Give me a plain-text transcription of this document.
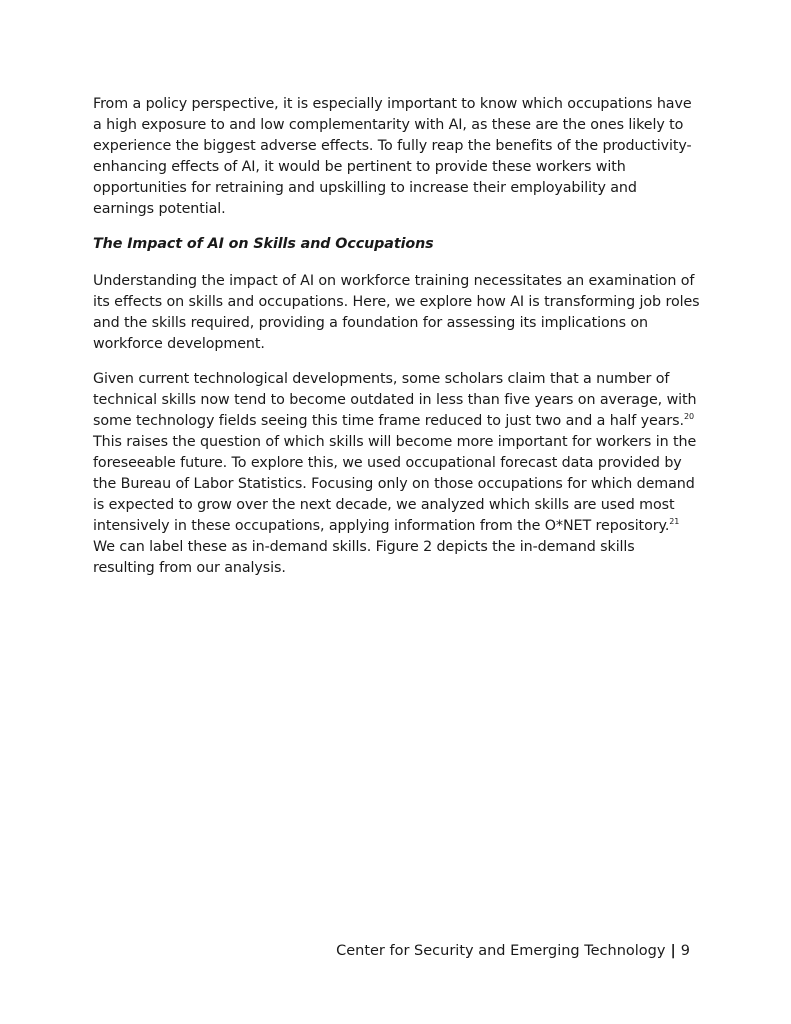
From a policy perspective, it is especially important to know which occupations have a high exposure to and low complementarity with AI, as these are the ones likely to experience the biggest adverse effects. To fully reap the benefits of the productivity-enhancing effects of AI, it would be pertinent to provide these workers with opportunities for retraining and upskilling to increase their employability and earnings potential.

The Impact of AI on Skills and Occupations

Understanding the impact of AI on workforce training necessitates an examination of its effects on skills and occupations. Here, we explore how AI is transforming job roles and the skills required, providing a foundation for assessing its implications on workforce development.

Given current technological developments, some scholars claim that a number of technical skills now tend to become outdated in less than five years on average, with some technology fields seeing this time frame reduced to just two and a half years.$^{20}$
This raises the question of which skills will become more important for workers in the foreseeable future. To explore this, we used occupational forecast data provided by the Bureau of Labor Statistics. Focusing only on those occupations for which demand is expected to grow over the next decade, we analyzed which skills are used most intensively in these occupations, applying information from the O*NET repository.$^{21}$
We can label these as in-demand skills. Figure 2 depicts the in-demand skills resulting from our analysis.

Center for Security and Emerging Technology | 9
